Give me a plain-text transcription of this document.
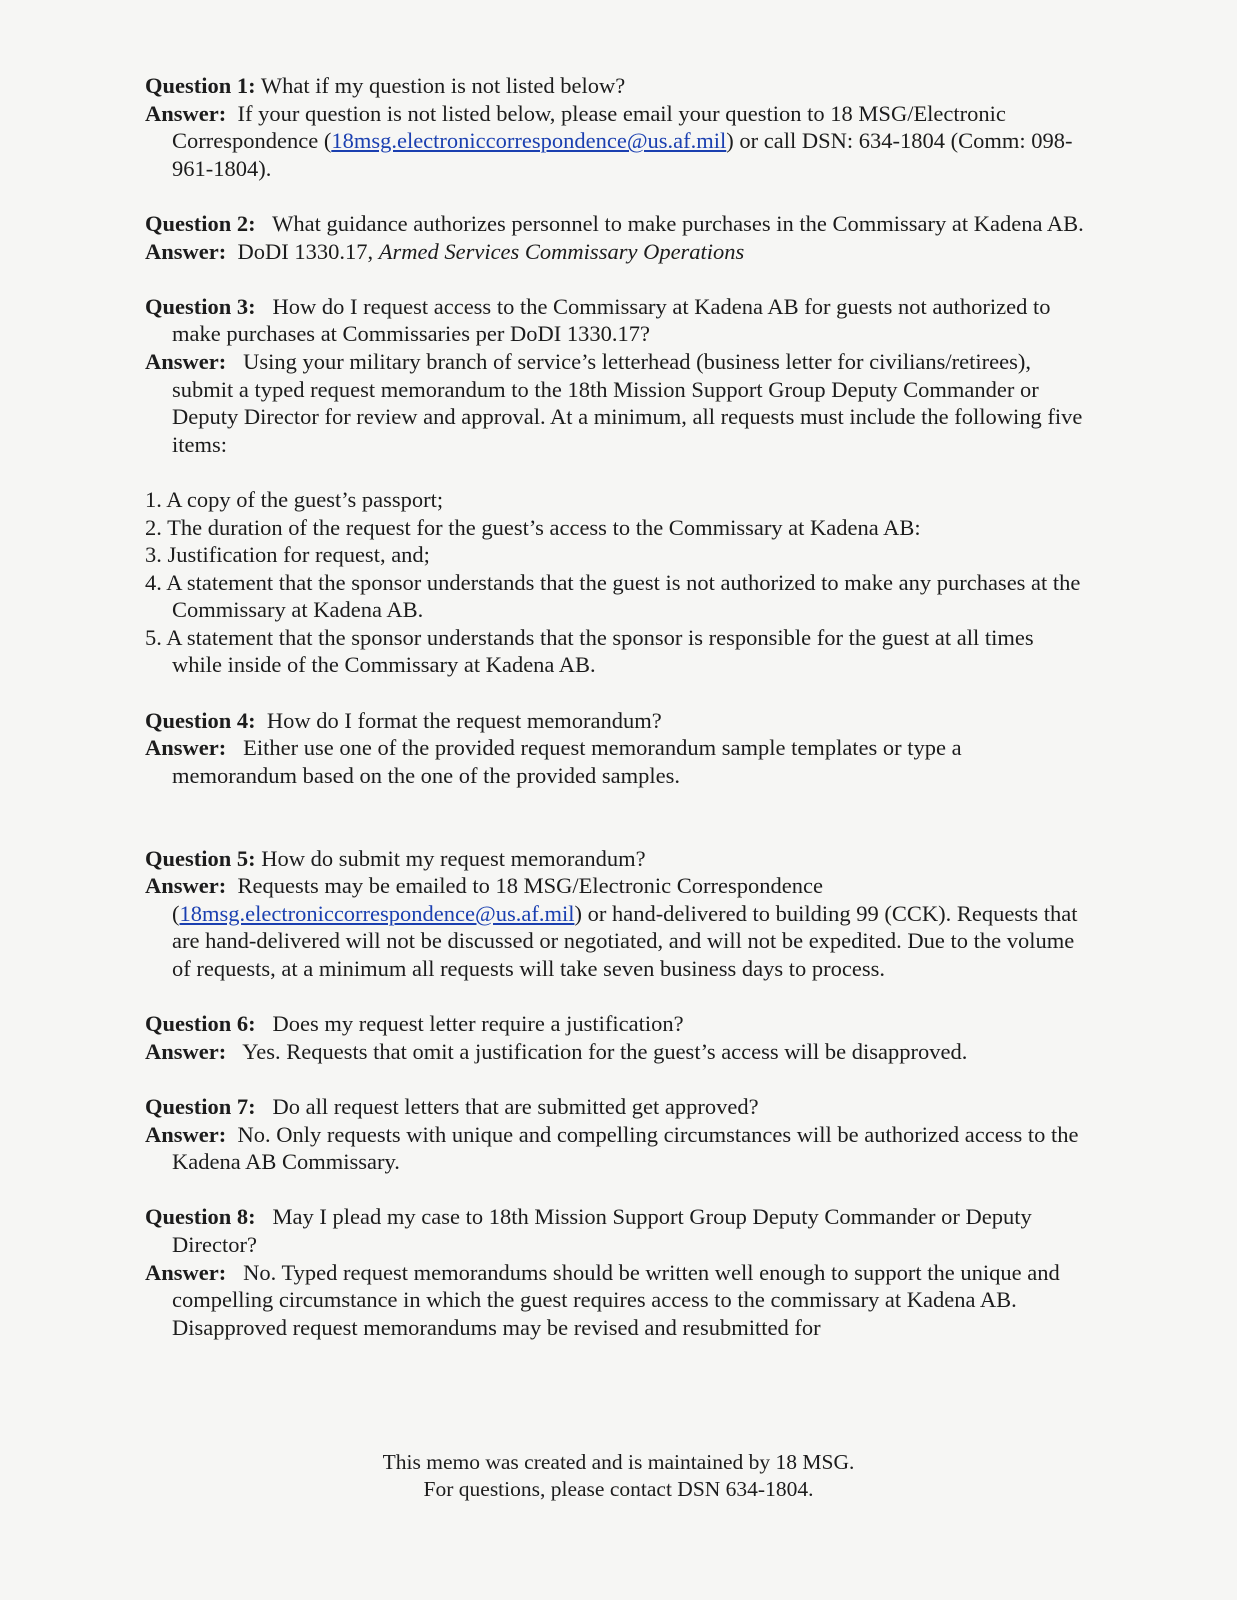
Question 1: What if my question is not listed below?

Answer: If your question is not listed below, please email your question to 18 MSG/Electronic Correspondence (18msg.electroniccorrespondence@us.af.mil) or call DSN: 634-1804 (Comm: 098-961-1804).

Question 2: What guidance authorizes personnel to make purchases in the Commissary at Kadena AB.

Answer: DoDI 1330.17, Armed Services Commissary Operations

Question 3: How do I request access to the Commissary at Kadena AB for guests not authorized to make purchases at Commissaries per DoDI 1330.17?

Answer: Using your military branch of service’s letterhead (business letter for civilians/retirees), submit a typed request memorandum to the 18th Mission Support Group Deputy Commander or Deputy Director for review and approval. At a minimum, all requests must include the following five items:

1. A copy of the guest’s passport;
2. The duration of the request for the guest’s access to the Commissary at Kadena AB:
3. Justification for request, and;
4. A statement that the sponsor understands that the guest is not authorized to make any purchases at the Commissary at Kadena AB.
5. A statement that the sponsor understands that the sponsor is responsible for the guest at all times while inside of the Commissary at Kadena AB.

Question 4: How do I format the request memorandum?

Answer: Either use one of the provided request memorandum sample templates or type a memorandum based on the one of the provided samples.

Question 5: How do submit my request memorandum?

Answer: Requests may be emailed to 18 MSG/Electronic Correspondence (18msg.electroniccorrespondence@us.af.mil) or hand-delivered to building 99 (CCK). Requests that are hand-delivered will not be discussed or negotiated, and will not be expedited. Due to the volume of requests, at a minimum all requests will take seven business days to process.

Question 6: Does my request letter require a justification?

Answer: Yes. Requests that omit a justification for the guest’s access will be disapproved.

Question 7: Do all request letters that are submitted get approved?

Answer: No. Only requests with unique and compelling circumstances will be authorized access to the Kadena AB Commissary.

Question 8: May I plead my case to 18th Mission Support Group Deputy Commander or Deputy Director?

Answer: No. Typed request memorandums should be written well enough to support the unique and compelling circumstance in which the guest requires access to the commissary at Kadena AB. Disapproved request memorandums may be revised and resubmitted for

This memo was created and is maintained by 18 MSG.
For questions, please contact DSN 634-1804.
